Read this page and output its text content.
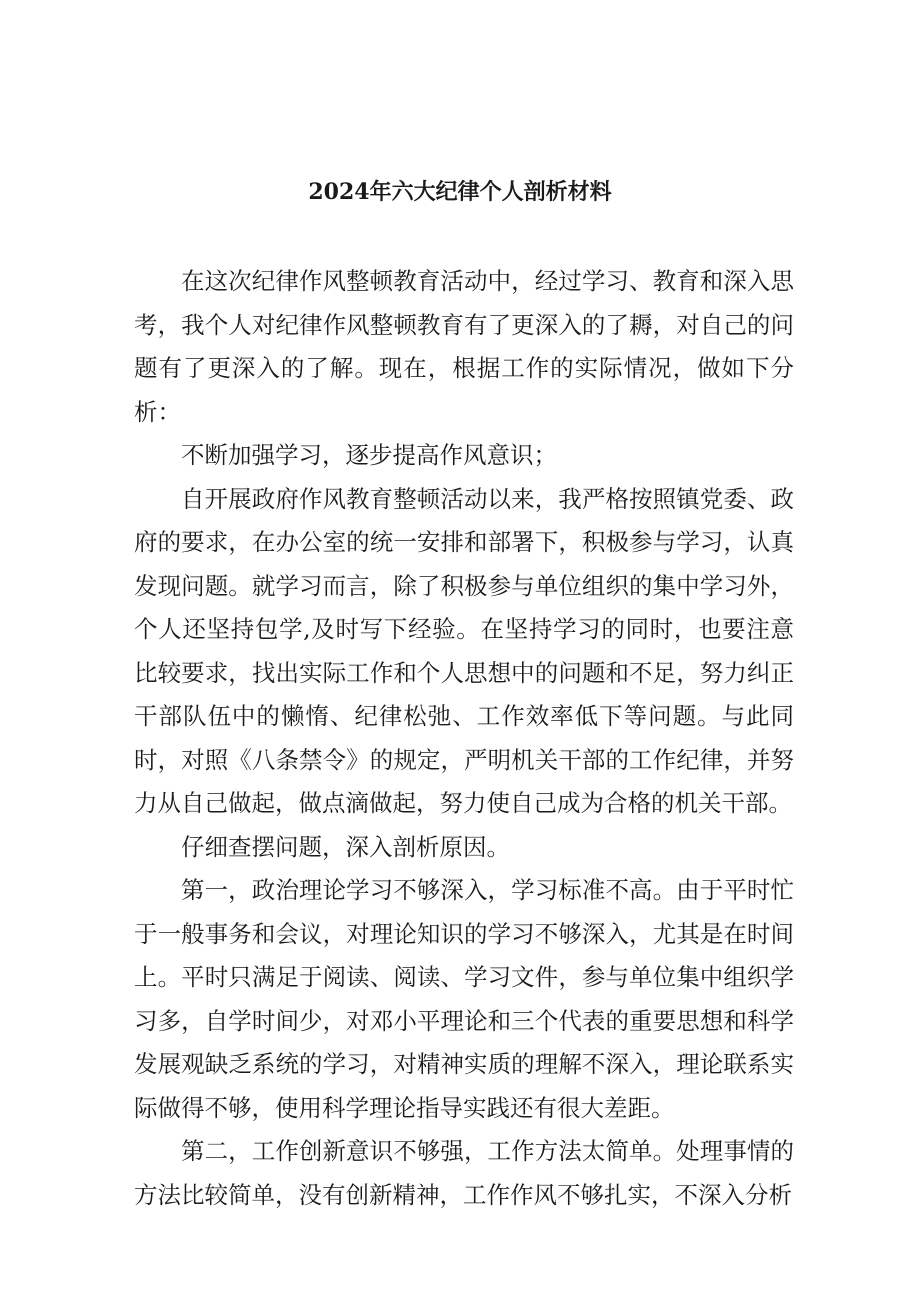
2024年六大纪律个人剖析材料

在这次纪律作风整顿教育活动中，经过学习、教育和深入思考，我个人对纪律作风整顿教育有了更深入的了耨，对自己的问题有了更深入的了解。现在，根据工作的实际情况，做如下分析：

不断加强学习，逐步提高作风意识；

自开展政府作风教育整顿活动以来，我严格按照镇党委、政府的要求，在办公室的统一安排和部署下，积极参与学习，认真发现问题。就学习而言，除了积极参与单位组织的集中学习外，个人还坚持包学,及时写下经验。在坚持学习的同时，也要注意比较要求，找出实际工作和个人思想中的问题和不足，努力纠正干部队伍中的懒惰、纪律松弛、工作效率低下等问题。与此同时，对照《八条禁令》的规定，严明机关干部的工作纪律，并努力从自己做起，做点滴做起，努力使自己成为合格的机关干部。

仔细查摆问题，深入剖析原因。

第一，政治理论学习不够深入，学习标准不高。由于平时忙于一般事务和会议，对理论知识的学习不够深入，尤其是在时间上。平时只满足于阅读、阅读、学习文件，参与单位集中组织学习多，自学时间少，对邓小平理论和三个代表的重要思想和科学发展观缺乏系统的学习，对精神实质的理解不深入，理论联系实际做得不够，使用科学理论指导实践还有很大差距。

第二，工作创新意识不够强，工作方法太简单。处理事情的方法比较简单，没有创新精神，工作作风不够扎实，不深入分析
